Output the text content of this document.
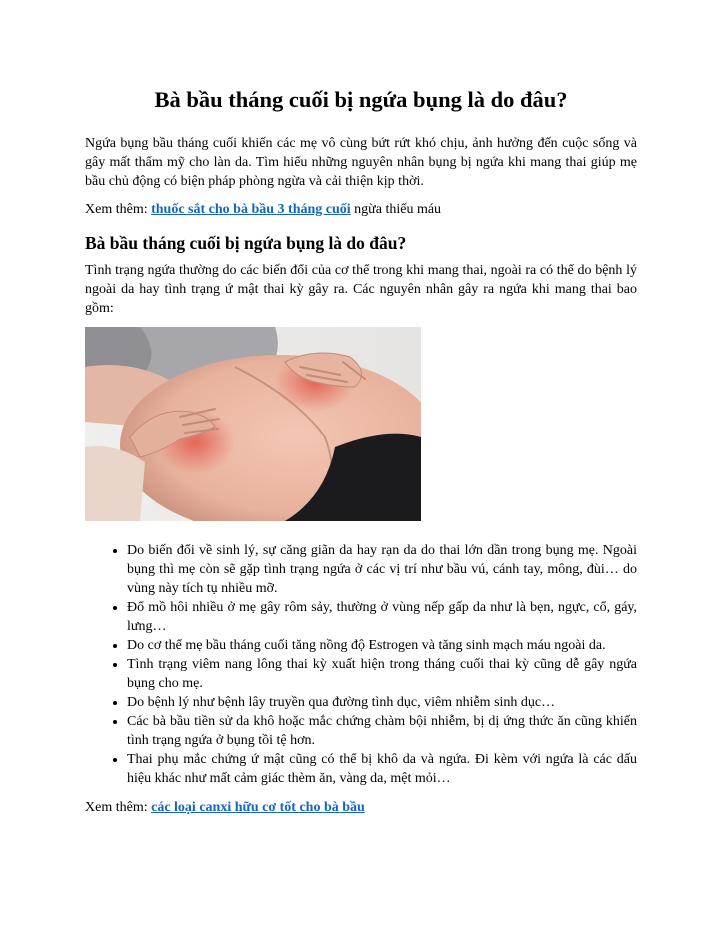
Bà bầu tháng cuối bị ngứa bụng là do đâu?

Ngứa bụng bầu tháng cuối khiến các mẹ vô cùng bứt rứt khó chịu, ảnh hưởng đến cuộc sống và gây mất thẩm mỹ cho làn da. Tìm hiểu những nguyên nhân bụng bị ngứa khi mang thai giúp mẹ bầu chủ động có biện pháp phòng ngừa và cải thiện kịp thời.

Xem thêm: thuốc sắt cho bà bầu 3 tháng cuối ngừa thiếu máu

Bà bầu tháng cuối bị ngứa bụng là do đâu?

Tình trạng ngứa thường do các biến đổi của cơ thể trong khi mang thai, ngoài ra có thể do bệnh lý ngoài da hay tình trạng ứ mật thai kỳ gây ra. Các nguyên nhân gây ra ngứa khi mang thai bao gồm:

• Do biến đổi về sinh lý, sự căng giãn da hay rạn da do thai lớn dần trong bụng mẹ. Ngoài bụng thì mẹ còn sẽ gặp tình trạng ngứa ở các vị trí như bầu vú, cánh tay, mông, đùi… do vùng này tích tụ nhiều mỡ.
• Đổ mồ hôi nhiều ở mẹ gây rôm sảy, thường ở vùng nếp gấp da như là bẹn, ngực, cổ, gáy, lưng…
• Do cơ thể mẹ bầu tháng cuối tăng nồng độ Estrogen và tăng sinh mạch máu ngoài da.
• Tình trạng viêm nang lông thai kỳ xuất hiện trong tháng cuối thai kỳ cũng dễ gây ngứa bụng cho mẹ.
• Do bệnh lý như bệnh lây truyền qua đường tình dục, viêm nhiễm sinh dục…
• Các bà bầu tiền sử da khô hoặc mắc chứng chàm bội nhiễm, bị dị ứng thức ăn cũng khiến tình trạng ngứa ở bụng tồi tệ hơn.
• Thai phụ mắc chứng ứ mật cũng có thể bị khô da và ngứa. Đi kèm với ngứa là các dấu hiệu khác như mất cảm giác thèm ăn, vàng da, mệt mỏi…

Xem thêm: các loại canxi hữu cơ tốt cho bà bầu
